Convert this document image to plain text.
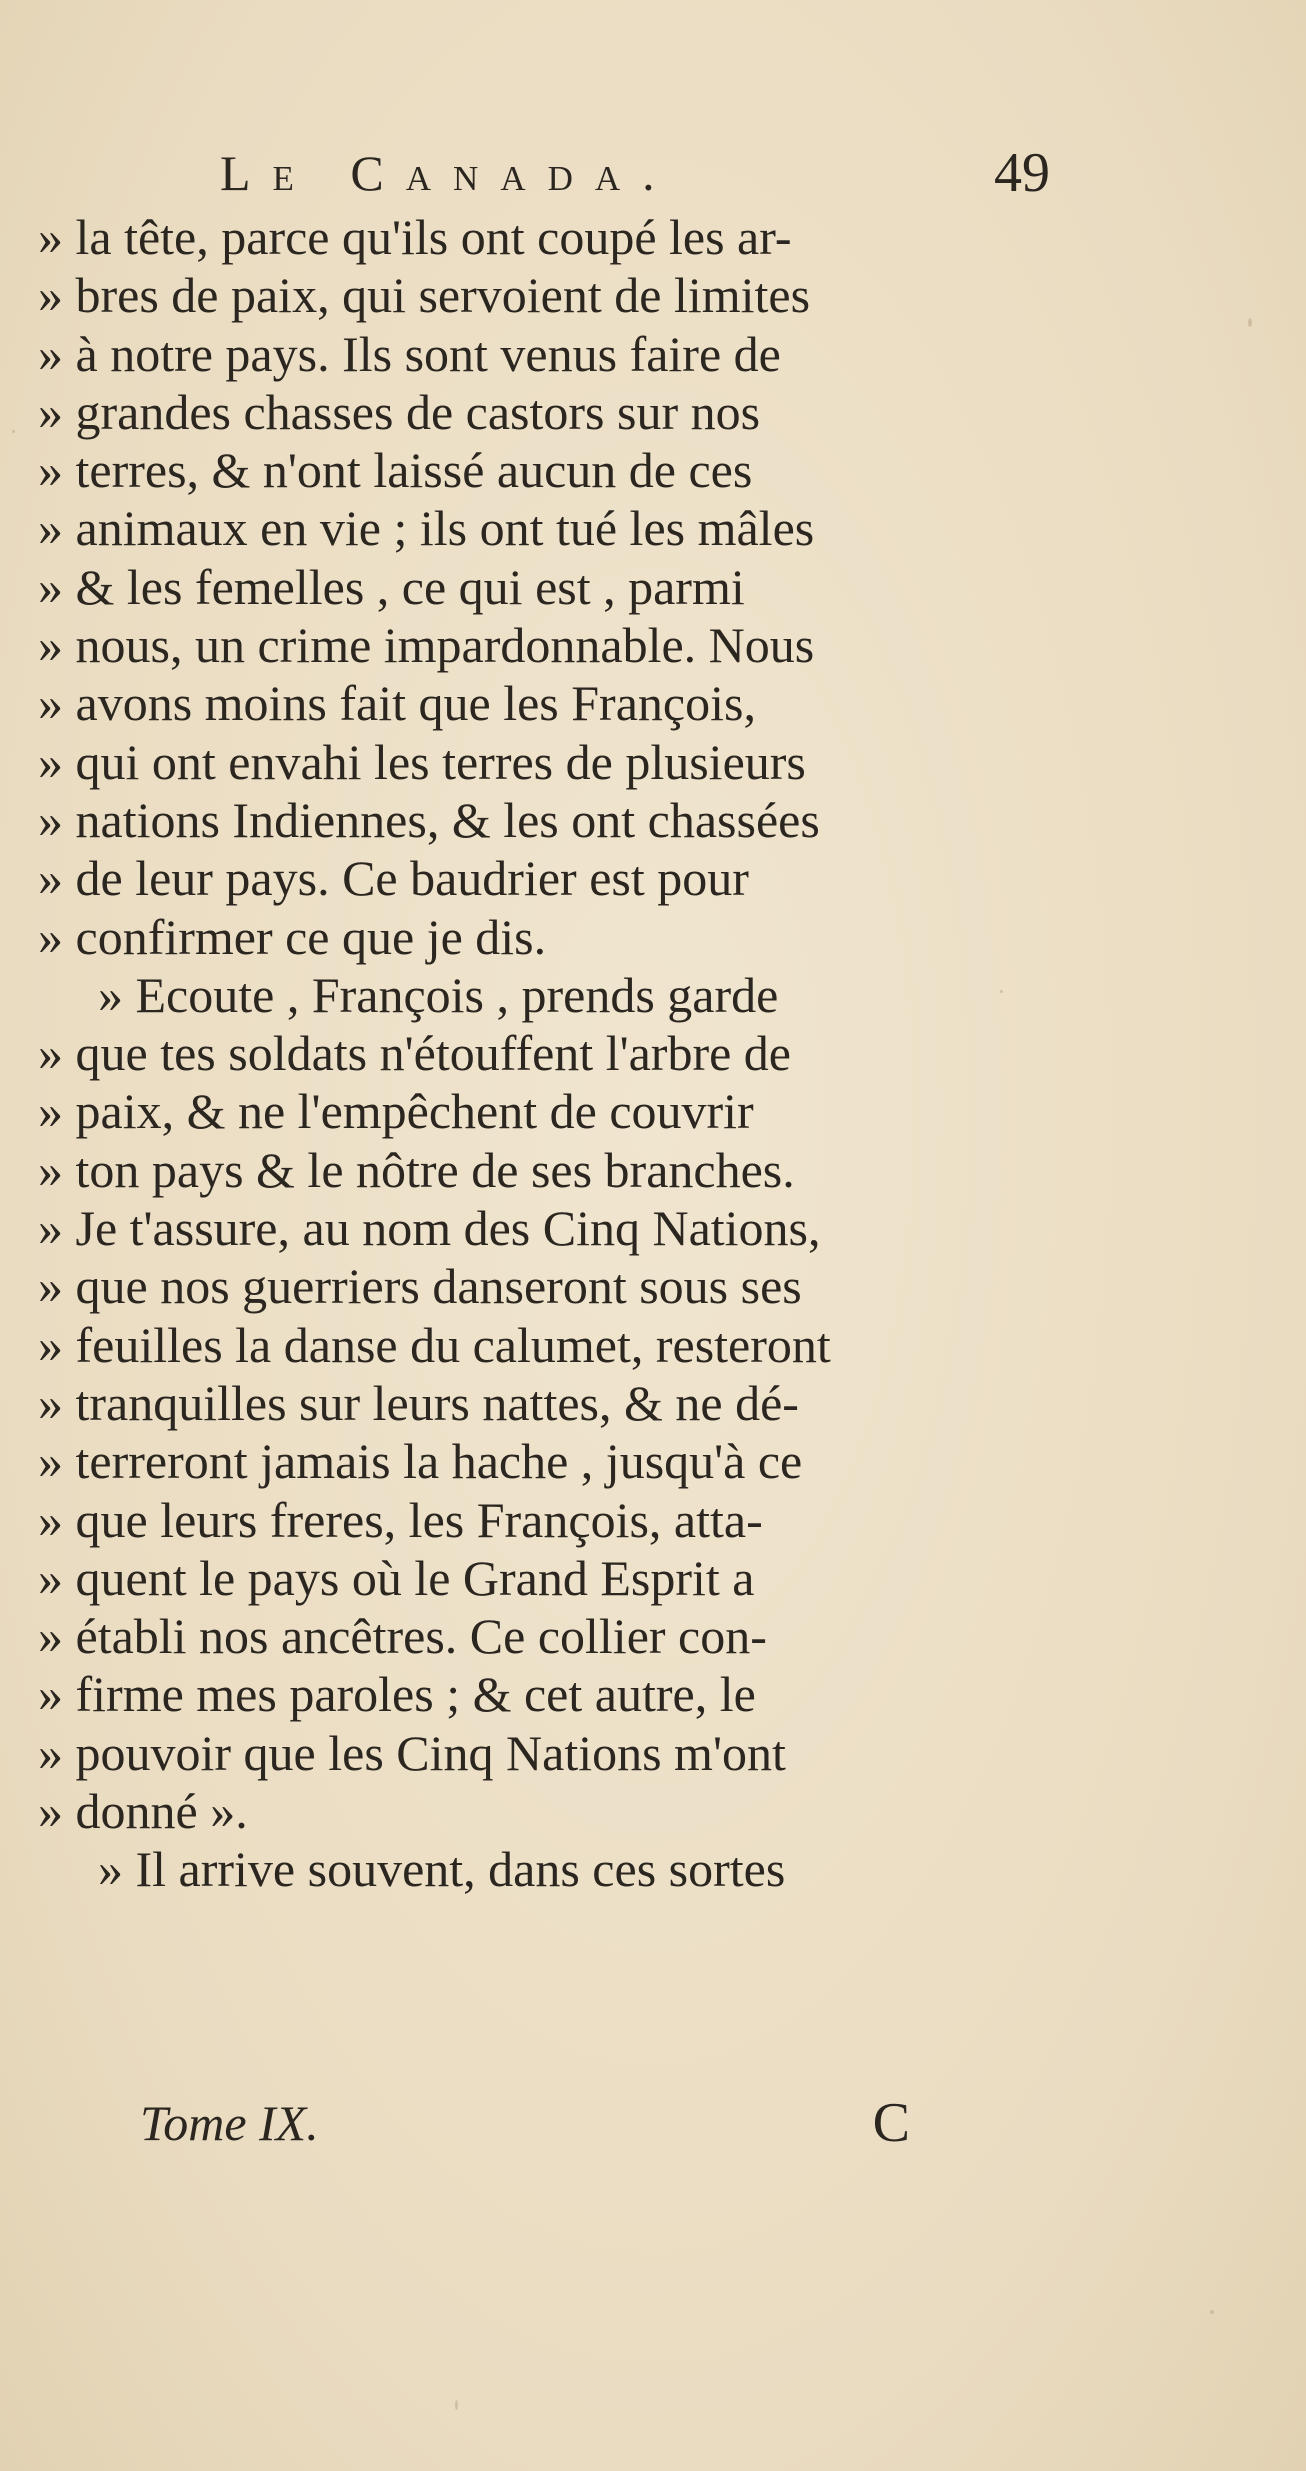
Le Canada.	49
» la tête, parce qu'ils ont coupé les ar-
» bres de paix, qui servoient de limites
» à notre pays. Ils sont venus faire de
» grandes chasses de castors sur nos
» terres, & n'ont laissé aucun de ces
» animaux en vie ; ils ont tué les mâles
» & les femelles , ce qui est , parmi
» nous, un crime impardonnable. Nous
» avons moins fait que les François,
» qui ont envahi les terres de plusieurs
» nations Indiennes, & les ont chassées
» de leur pays. Ce baudrier est pour
» confirmer ce que je dis.
» Ecoute , François , prends garde
» que tes soldats n'étouffent l'arbre de
» paix, & ne l'empêchent de couvrir
» ton pays & le nôtre de ses branches.
» Je t'assure, au nom des Cinq Nations,
» que nos guerriers danseront sous ses
» feuilles la danse du calumet, resteront
» tranquilles sur leurs nattes, & ne dé-
» terreront jamais la hache , jusqu'à ce
» que leurs freres, les François, atta-
» quent le pays où le Grand Esprit a
» établi nos ancêtres. Ce collier con-
» firme mes paroles ; & cet autre, le
» pouvoir que les Cinq Nations m'ont
» donné ».
» Il arrive souvent, dans ces sortes
Tome IX.	C
